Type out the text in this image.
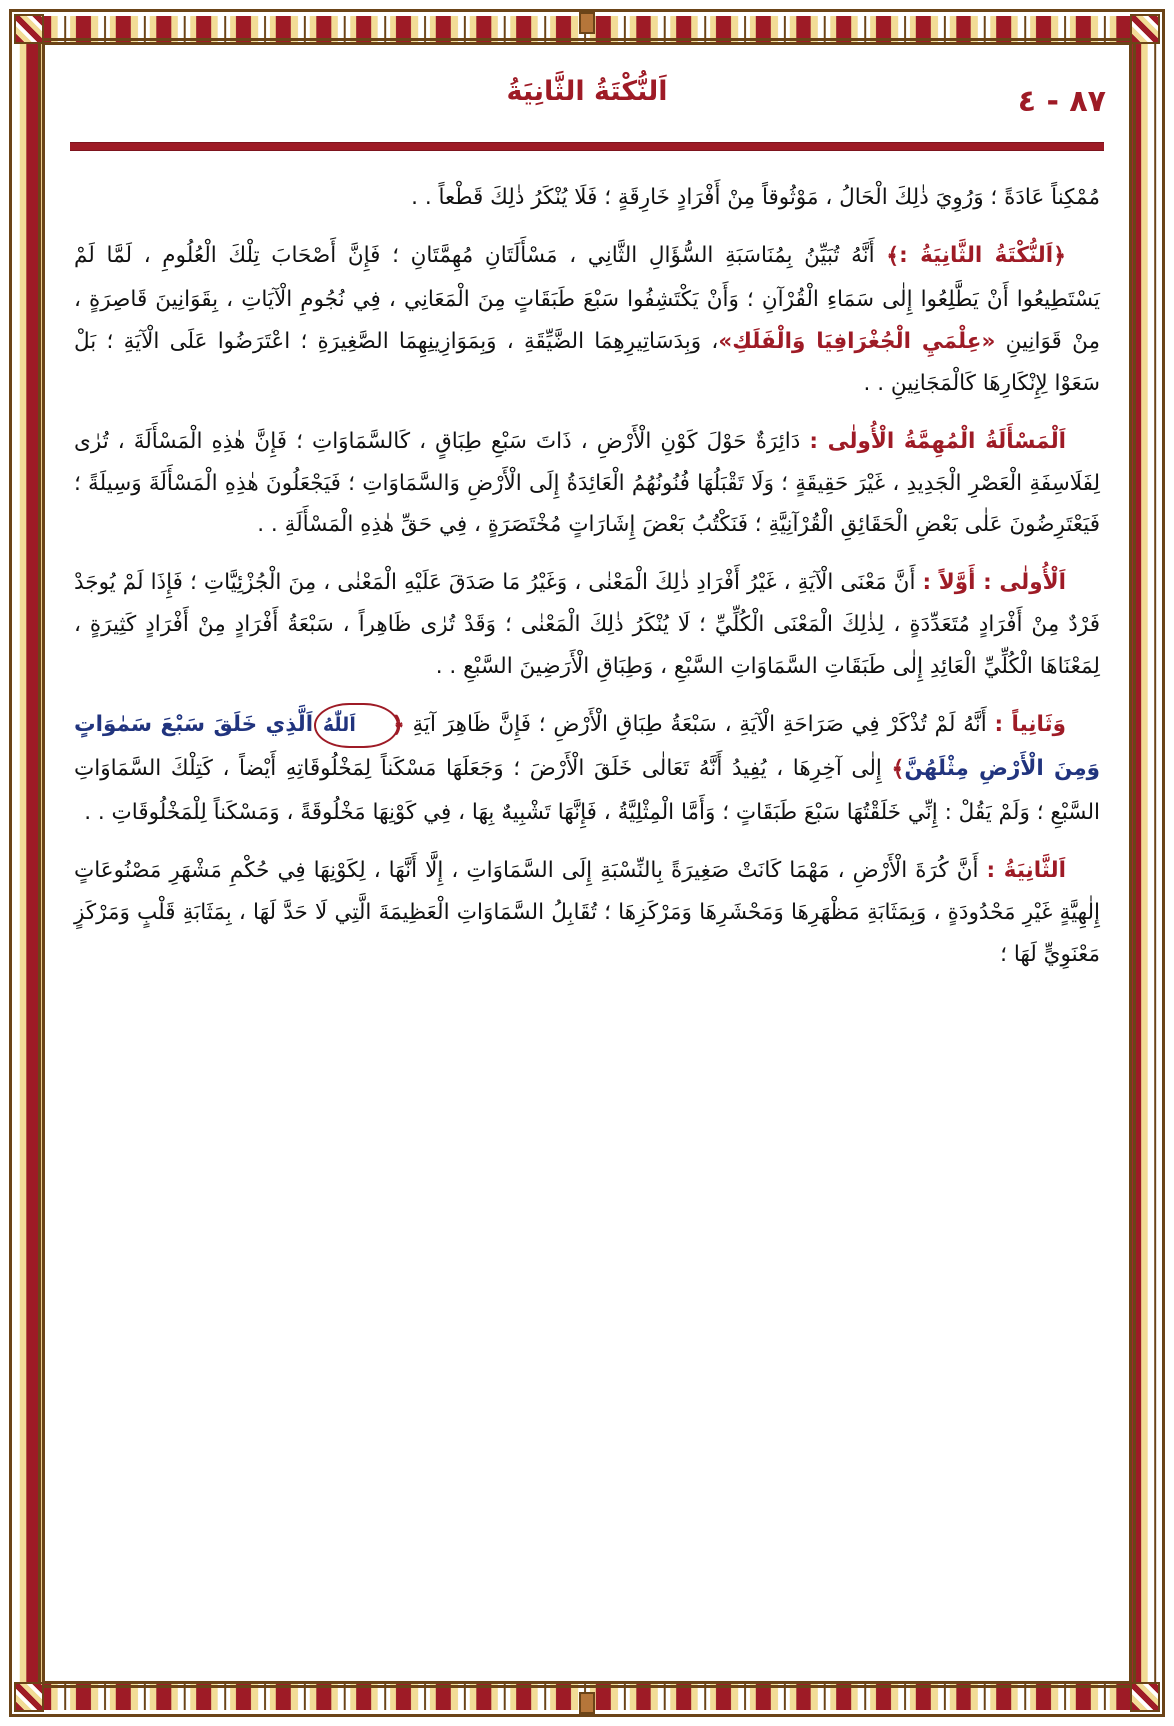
٨٧ - ٤
اَلنُّكْتَةُ الثَّانِيَةُ

مُمْكِناً عَادَةً ؛ وَرُوِيَ ذٰلِكَ الْحَالُ ، مَوْثُوقاً مِنْ أَفْرَادٍ خَارِقَةٍ ؛ فَلَا يُنْكَرُ ذٰلِكَ قَطْعاً . .

﴿اَلنُّكْتَةُ الثَّانِيَةُ :﴾ أَنَّهُ تُبَيِّنُ بِمُنَاسَبَةِ السُّؤَالِ الثَّانِي ، مَسْأَلَتَانِ مُهِمَّتَانِ ؛ فَإِنَّ أَصْحَابَ تِلْكَ الْعُلُومِ ، لَمَّا لَمْ يَسْتَطِيعُوا أَنْ يَطَّلِعُوا إِلٰى سَمَاءِ الْقُرْآنِ ؛ وَأَنْ يَكْتَشِفُوا سَبْعَ طَبَقَاتٍ مِنَ الْمَعَانِي ، فِي نُجُومِ الْآيَاتِ ، بِقَوَانِينَ قَاصِرَةٍ ، مِنْ قَوَانِينِ «عِلْمَيِ الْجُغْرَافِيَا وَالْفَلَكِ»، وَبِدَسَاتِيرِهِمَا الضَّيِّقَةِ ، وَبِمَوَازِينِهِمَا الصَّغِيرَةِ ؛ اعْتَرَضُوا عَلَى الْآيَةِ ؛ بَلْ سَعَوْا لِإِنْكَارِهَا كَالْمَجَانِينِ . .

اَلْمَسْأَلَةُ الْمُهِمَّةُ الْأُولٰى : دَائِرَةٌ حَوْلَ كَوْنِ الْأَرْضِ ، ذَاتَ سَبْعِ طِبَاقٍ ، كَالسَّمَاوَاتِ ؛ فَإِنَّ هٰذِهِ الْمَسْأَلَةَ ، تُرٰى لِفَلَاسِفَةِ الْعَصْرِ الْجَدِيدِ ، غَيْرَ حَقِيقَةٍ ؛ وَلَا تَقْبَلُهَا فُنُونُهُمُ الْعَائِدَةُ إِلَى الْأَرْضِ وَالسَّمَاوَاتِ ؛ فَيَجْعَلُونَ هٰذِهِ الْمَسْأَلَةَ وَسِيلَةً ؛ فَيَعْتَرِضُونَ عَلٰى بَعْضِ الْحَقَائِقِ الْقُرْآنِيَّةِ ؛ فَنَكْتُبُ بَعْضَ إِشَارَاتٍ مُخْتَصَرَةٍ ، فِي حَقِّ هٰذِهِ الْمَسْأَلَةِ . .

اَلْأُولٰى : أَوَّلاً : أَنَّ مَعْنَى الْآيَةِ ، غَيْرُ أَفْرَادِ ذٰلِكَ الْمَعْنٰى ، وَغَيْرُ مَا صَدَقَ عَلَيْهِ الْمَعْنٰى ، مِنَ الْجُزْئِيَّاتِ ؛ فَإِذَا لَمْ يُوجَدْ فَرْدٌ مِنْ أَفْرَادٍ مُتَعَدِّدَةٍ ، لِذٰلِكَ الْمَعْنَى الْكُلِّيِّ ؛ لَا يُنْكَرُ ذٰلِكَ الْمَعْنٰى ؛ وَقَدْ تُرٰى ظَاهِراً ، سَبْعَةُ أَفْرَادٍ مِنْ أَفْرَادٍ كَثِيرَةٍ ، لِمَعْنَاهَا الْكُلِّيِّ الْعَائِدِ إِلٰى طَبَقَاتِ السَّمَاوَاتِ السَّبْعِ ، وَطِبَاقِ الْأَرَضِينَ السَّبْعِ . .

وَثَانِياً : أَنَّهُ لَمْ تُذْكَرْ فِي صَرَاحَةِ الْآيَةِ ، سَبْعَةُ طِبَاقِ الْأَرْضِ ؛ فَإِنَّ ظَاهِرَ آيَةِ ﴿اَللّٰهُ اَلَّذِي خَلَقَ سَبْعَ سَمٰوَاتٍ وَمِنَ الْأَرْضِ مِثْلَهُنَّ﴾ إِلٰى آخِرِهَا ، يُفِيدُ أَنَّهُ تَعَالٰى خَلَقَ الْأَرْضَ ؛ وَجَعَلَهَا مَسْكَناً لِمَخْلُوقَاتِهِ أَيْضاً ، كَتِلْكَ السَّمَاوَاتِ السَّبْعِ ؛ وَلَمْ يَقُلْ : إِنِّي خَلَقْتُهَا سَبْعَ طَبَقَاتٍ ؛ وَأَمَّا الْمِثْلِيَّةُ ، فَإِنَّهَا تَشْبِيهٌ بِهَا ، فِي كَوْنِهَا مَخْلُوقَةً ، وَمَسْكَناً لِلْمَخْلُوقَاتِ . .

اَلثَّانِيَةُ : أَنَّ كُرَةَ الْأَرْضِ ، مَهْمَا كَانَتْ صَغِيرَةً بِالنِّسْبَةِ إِلَى السَّمَاوَاتِ ، إِلَّا أَنَّهَا ، لِكَوْنِهَا فِي حُكْمِ مَشْهَرِ مَصْنُوعَاتٍ إِلٰهِيَّةٍ غَيْرِ مَحْدُودَةٍ ، وَبِمَثَابَةِ مَظْهَرِهَا وَمَحْشَرِهَا وَمَرْكَزِهَا ؛ تُقَابِلُ السَّمَاوَاتِ الْعَظِيمَةَ الَّتِي لَا حَدَّ لَهَا ، بِمَثَابَةِ قَلْبٍ وَمَرْكَزٍ مَعْنَوِيٍّ لَهَا ؛
